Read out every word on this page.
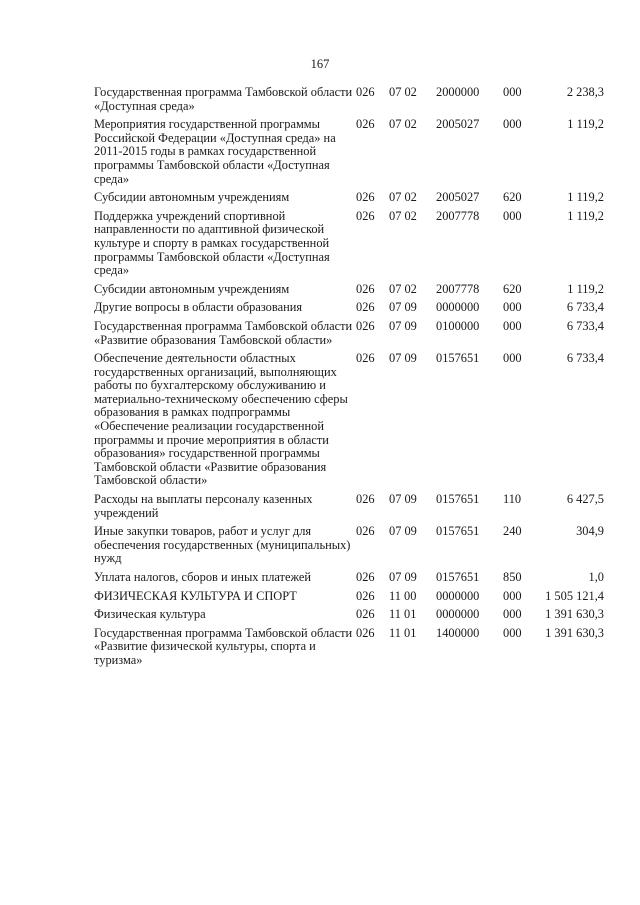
167
Государственная программа Тамбовской области «Доступная среда»	026	07 02	2000000	000	2 238,3
Мероприятия государственной программы Российской Федерации «Доступная среда» на 2011-2015 годы в рамках государственной программы Тамбовской области «Доступная среда»	026	07 02	2005027	000	1 119,2
Субсидии автономным учреждениям	026	07 02	2005027	620	1 119,2
Поддержка учреждений спортивной направленности по адаптивной физической культуре и спорту в рамках государственной программы Тамбовской области «Доступная среда»	026	07 02	2007778	000	1 119,2
Субсидии автономным учреждениям	026	07 02	2007778	620	1 119,2
Другие вопросы в области образования	026	07 09	0000000	000	6 733,4
Государственная программа Тамбовской области «Развитие образования Тамбовской области»	026	07 09	0100000	000	6 733,4
Обеспечение деятельности областных государственных организаций, выполняющих работы по бухгалтерскому обслуживанию и материально-техническому обеспечению сферы образования в рамках подпрограммы «Обеспечение реализации государственной программы и прочие мероприятия в области образования» государственной программы Тамбовской области «Развитие образования Тамбовской области»	026	07 09	0157651	000	6 733,4
Расходы на выплаты персоналу казенных учреждений	026	07 09	0157651	110	6 427,5
Иные закупки товаров, работ и услуг для обеспечения государственных (муниципальных) нужд	026	07 09	0157651	240	304,9
Уплата налогов, сборов и иных платежей	026	07 09	0157651	850	1,0
ФИЗИЧЕСКАЯ КУЛЬТУРА И СПОРТ	026	11 00	0000000	000	1 505 121,4
Физическая культура	026	11 01	0000000	000	1 391 630,3
Государственная программа Тамбовской области «Развитие физической культуры, спорта и туризма»	026	11 01	1400000	000	1 391 630,3
